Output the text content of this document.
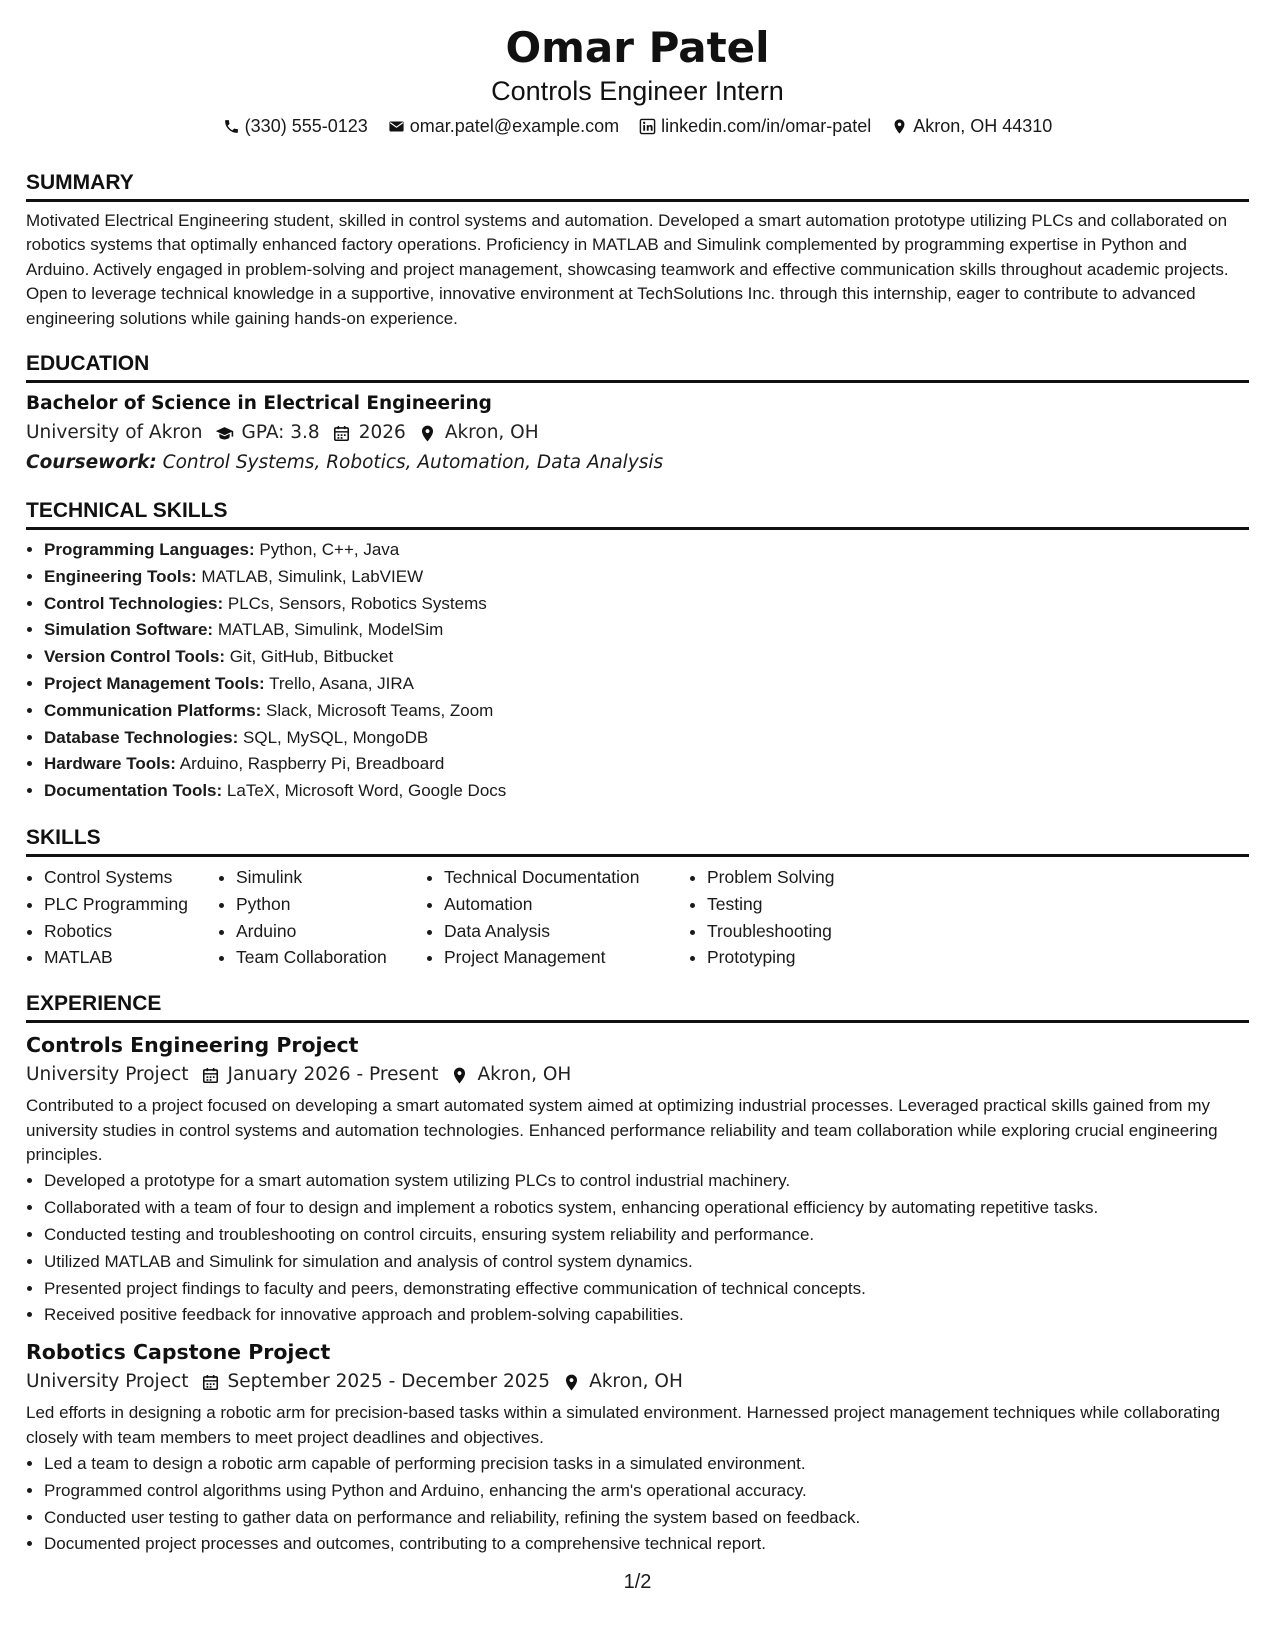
Omar Patel
Controls Engineer Intern
(330) 555-0123 omar.patel@example.com linkedin.com/in/omar-patel Akron, OH 44310
SUMMARY

Motivated Electrical Engineering student, skilled in control systems and automation. Developed a smart automation prototype utilizing PLCs and collaborated on robotics systems that optimally enhanced factory operations. Proficiency in MATLAB and Simulink complemented by programming expertise in Python and Arduino. Actively engaged in problem-solving and project management, showcasing teamwork and effective communication skills throughout academic projects. Open to leverage technical knowledge in a supportive, innovative environment at TechSolutions Inc. through this internship, eager to contribute to advanced engineering solutions while gaining hands-on experience.

EDUCATION
Bachelor of Science in Electrical Engineering
University of Akron GPA: 3.8 2026 Akron, OH
Coursework: Control Systems, Robotics, Automation, Data Analysis
TECHNICAL SKILLS
• Programming Languages: Python, C++, Java
• Engineering Tools: MATLAB, Simulink, LabVIEW
• Control Technologies: PLCs, Sensors, Robotics Systems
• Simulation Software: MATLAB, Simulink, ModelSim
• Version Control Tools: Git, GitHub, Bitbucket
• Project Management Tools: Trello, Asana, JIRA
• Communication Platforms: Slack, Microsoft Teams, Zoom
• Database Technologies: SQL, MySQL, MongoDB
• Hardware Tools: Arduino, Raspberry Pi, Breadboard
• Documentation Tools: LaTeX, Microsoft Word, Google Docs
SKILLS
• Control Systems
• PLC Programming
• Robotics
• MATLAB
• Simulink
• Python
• Arduino
• Team Collaboration
• Technical Documentation
• Automation
• Data Analysis
• Project Management
• Problem Solving
• Testing
• Troubleshooting
• Prototyping
EXPERIENCE
Controls Engineering Project
University Project January 2026 - Present Akron, OH

Contributed to a project focused on developing a smart automated system aimed at optimizing industrial processes. Leveraged practical skills gained from my university studies in control systems and automation technologies. Enhanced performance reliability and team collaboration while exploring crucial engineering principles.

• Developed a prototype for a smart automation system utilizing PLCs to control industrial machinery.
• Collaborated with a team of four to design and implement a robotics system, enhancing operational efficiency by automating repetitive tasks.
• Conducted testing and troubleshooting on control circuits, ensuring system reliability and performance.
• Utilized MATLAB and Simulink for simulation and analysis of control system dynamics.
• Presented project findings to faculty and peers, demonstrating effective communication of technical concepts.
• Received positive feedback for innovative approach and problem-solving capabilities.
Robotics Capstone Project
University Project September 2025 - December 2025 Akron, OH

Led efforts in designing a robotic arm for precision-based tasks within a simulated environment. Harnessed project management techniques while collaborating closely with team members to meet project deadlines and objectives.

• Led a team to design a robotic arm capable of performing precision tasks in a simulated environment.
• Programmed control algorithms using Python and Arduino, enhancing the arm's operational accuracy.
• Conducted user testing to gather data on performance and reliability, refining the system based on feedback.
• Documented project processes and outcomes, contributing to a comprehensive technical report.
1/2
